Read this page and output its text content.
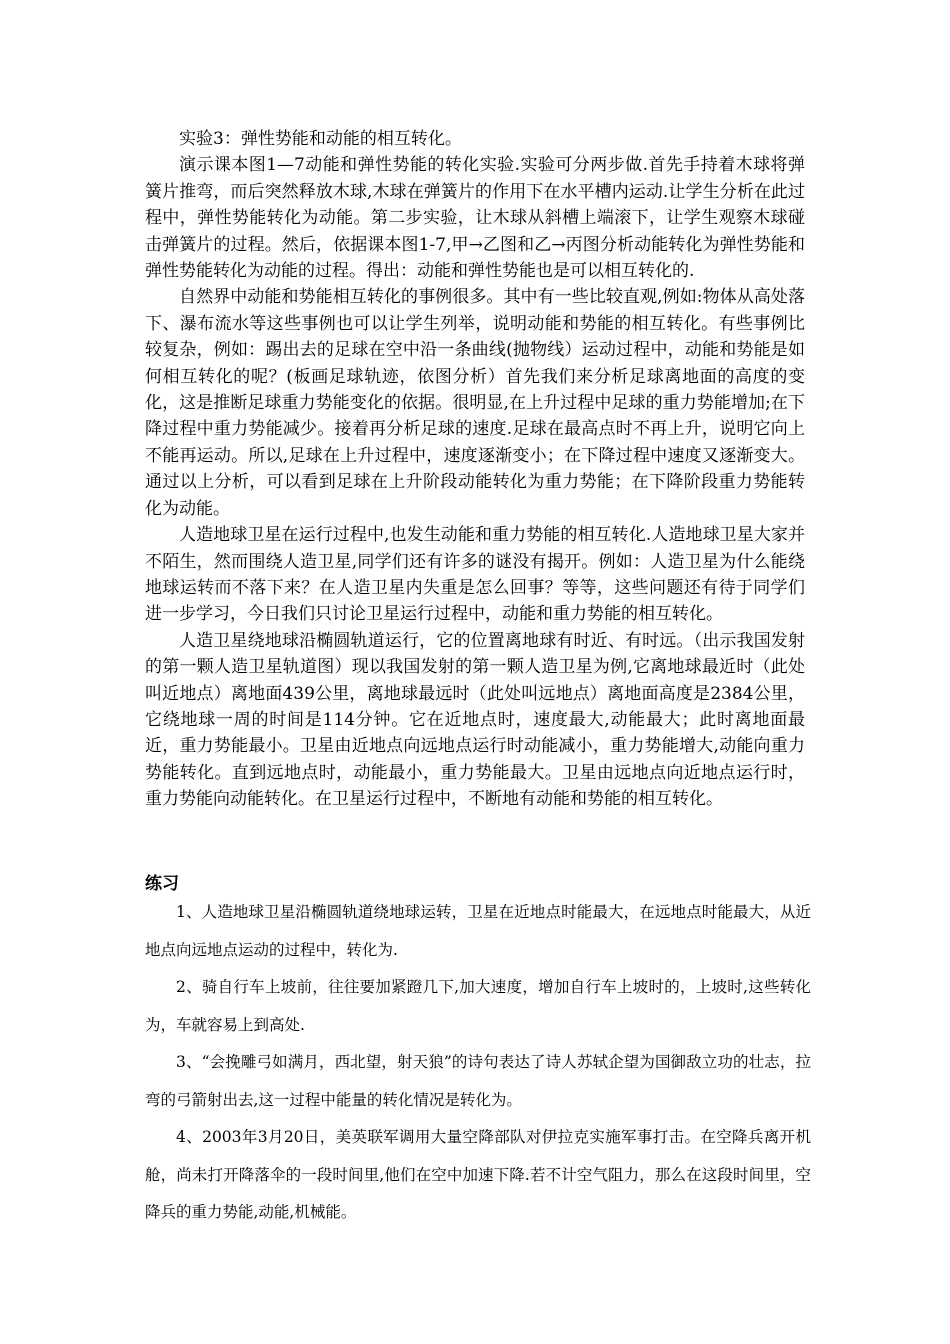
实验3：弹性势能和动能的相互转化。

演示课本图1—7动能和弹性势能的转化实验.实验可分两步做.首先手持着木球将弹簧片推弯，而后突然释放木球,木球在弹簧片的作用下在水平槽内运动.让学生分析在此过程中，弹性势能转化为动能。第二步实验，让木球从斜槽上端滚下，让学生观察木球碰击弹簧片的过程。然后，依据课本图1-7,甲→乙图和乙→丙图分析动能转化为弹性势能和弹性势能转化为动能的过程。得出：动能和弹性势能也是可以相互转化的.

自然界中动能和势能相互转化的事例很多。其中有一些比较直观,例如:物体从高处落下、瀑布流水等这些事例也可以让学生列举，说明动能和势能的相互转化。有些事例比较复杂，例如：踢出去的足球在空中沿一条曲线(抛物线）运动过程中，动能和势能是如何相互转化的呢？(板画足球轨迹，依图分析）首先我们来分析足球离地面的高度的变化，这是推断足球重力势能变化的依据。很明显,在上升过程中足球的重力势能增加;在下降过程中重力势能减少。接着再分析足球的速度.足球在最高点时不再上升，说明它向上不能再运动。所以,足球在上升过程中，速度逐渐变小；在下降过程中速度又逐渐变大。通过以上分析，可以看到足球在上升阶段动能转化为重力势能；在下降阶段重力势能转化为动能。

人造地球卫星在运行过程中,也发生动能和重力势能的相互转化.人造地球卫星大家并不陌生，然而围绕人造卫星,同学们还有许多的谜没有揭开。例如：人造卫星为什么能绕地球运转而不落下来？在人造卫星内失重是怎么回事？等等，这些问题还有待于同学们进一步学习，今日我们只讨论卫星运行过程中，动能和重力势能的相互转化。

人造卫星绕地球沿椭圆轨道运行，它的位置离地球有时近、有时远。（出示我国发射的第一颗人造卫星轨道图）现以我国发射的第一颗人造卫星为例,它离地球最近时（此处叫近地点）离地面439公里，离地球最远时（此处叫远地点）离地面高度是2384公里，它绕地球一周的时间是114分钟。它在近地点时，速度最大,动能最大；此时离地面最近，重力势能最小。卫星由近地点向远地点运行时动能减小，重力势能增大,动能向重力势能转化。直到远地点时，动能最小，重力势能最大。卫星由远地点向近地点运行时，重力势能向动能转化。在卫星运行过程中，不断地有动能和势能的相互转化。

练习

1、人造地球卫星沿椭圆轨道绕地球运转，卫星在近地点时能最大，在远地点时能最大，从近地点向远地点运动的过程中，转化为.

2、骑自行车上坡前，往往要加紧蹬几下,加大速度，增加自行车上坡时的，上坡时,这些转化为，车就容易上到高处.

3、“会挽雕弓如满月，西北望，射天狼”的诗句表达了诗人苏轼企望为国御敌立功的壮志，拉弯的弓箭射出去,这一过程中能量的转化情况是转化为。

4、2003年3月20日，美英联军调用大量空降部队对伊拉克实施军事打击。在空降兵离开机舱，尚未打开降落伞的一段时间里,他们在空中加速下降.若不计空气阻力，那么在这段时间里，空降兵的重力势能,动能,机械能。
